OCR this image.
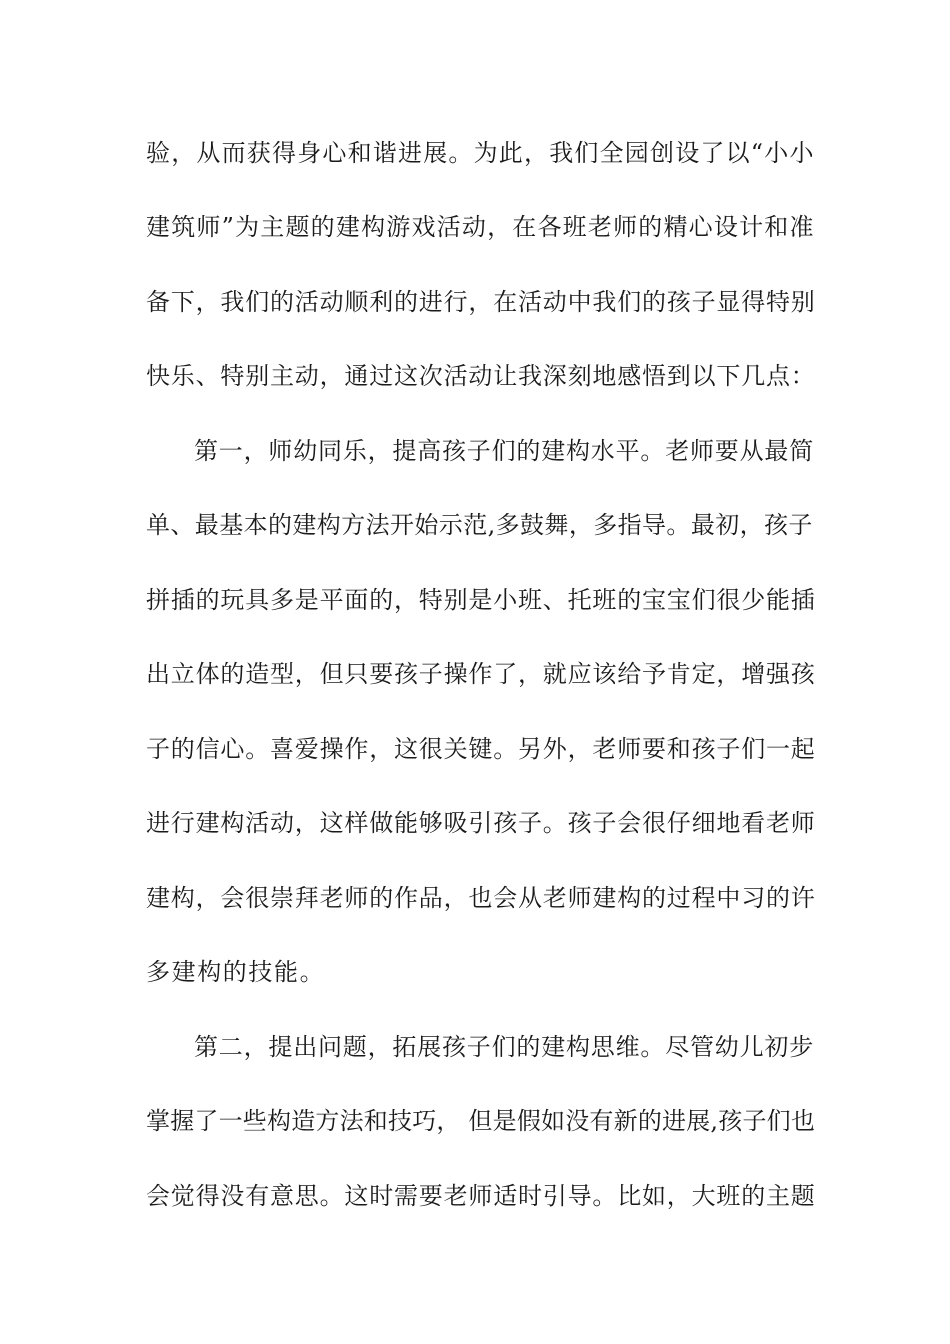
验，从而获得身心和谐进展。为此，我们全园创设了以“小小
建筑师”为主题的建构游戏活动，在各班老师的精心设计和准
备下，我们的活动顺利的进行，在活动中我们的孩子显得特别
快乐、特别主动，通过这次活动让我深刻地感悟到以下几点：
第一，师幼同乐，提高孩子们的建构水平。老师要从最简
单、最基本的建构方法开始示范,多鼓舞，多指导。最初，孩子
拼插的玩具多是平面的，特别是小班、托班的宝宝们很少能插
出立体的造型，但只要孩子操作了，就应该给予肯定，增强孩
子的信心。喜爱操作，这很关键。另外，老师要和孩子们一起
进行建构活动，这样做能够吸引孩子。孩子会很仔细地看老师
建构，会很崇拜老师的作品，也会从老师建构的过程中习的许
多建构的技能。
第二，提出问题，拓展孩子们的建构思维。尽管幼儿初步
掌握了一些构造方法和技巧， 但是假如没有新的进展,孩子们也
会觉得没有意思。这时需要老师适时引导。比如，大班的主题
